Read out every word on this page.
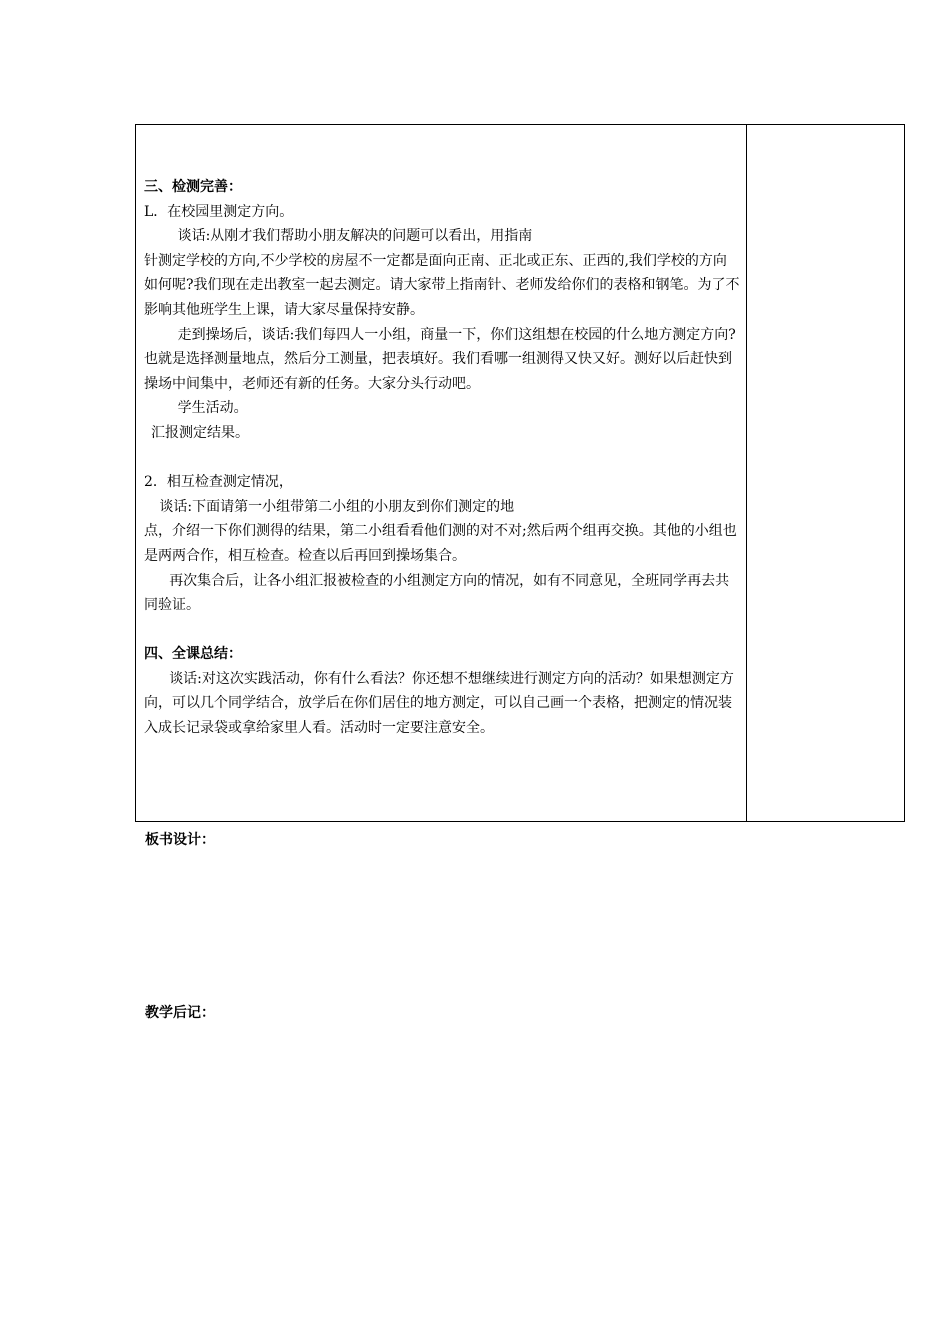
三、检测完善：

L．在校园里测定方向。

谈话:从刚才我们帮助小朋友解决的问题可以看出，用指南

针测定学校的方向,不少学校的房屋不一定都是面向正南、正北或正东、正西的,我们学校的方向如何呢?我们现在走出教室一起去测定。请大家带上指南针、老师发给你们的表格和钢笔。为了不

影响其他班学生上课，请大家尽量保持安静。

走到操场后，谈话:我们每四人一小组，商量一下，你们这组想在校园的什么地方测定方向?也就是选择测量地点，然后分工测量，把表填好。我们看哪一组测得又快又好。测好以后赶快到操场中间集中，老师还有新的任务。大家分头行动吧。

学生活动。

汇报测定结果。

2．相互检查测定情况，

谈话:下面请第一小组带第二小组的小朋友到你们测定的地

点，介绍一下你们测得的结果，第二小组看看他们测的对不对;然后两个组再交换。其他的小组也是两两合作，相互检查。检查以后再回到操场集合。

再次集合后，让各小组汇报被检查的小组测定方向的情况，如有不同意见，全班同学再去共同验证。

四、全课总结：

谈话:对这次实践活动，你有什么看法？你还想不想继续进行测定方向的活动？如果想测定方向，可以几个同学结合，放学后在你们居住的地方测定，可以自己画一个表格，把测定的情况装入成长记录袋或拿给家里人看。活动时一定要注意安全。

板书设计：
教学后记：
